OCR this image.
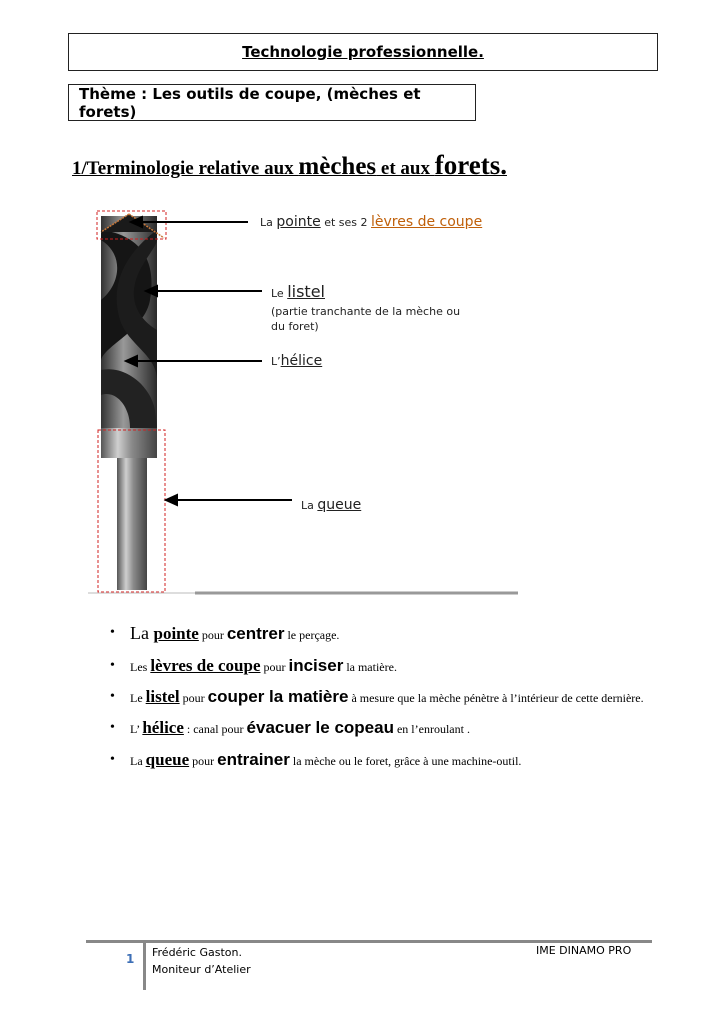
Technologie professionnelle.
Thème : Les outils de coupe, (mèches et forets)
1/Terminologie relative aux mèches et aux forets.
La pointe et ses 2 lèvres de coupe
Le listel
(partie tranchante de la mèche ou du foret)
L’hélice
La queue
• La pointe pour centrer le perçage.
• Les lèvres de coupe pour inciser la matière.
• Le listel pour couper la matière à mesure que la mèche pénètre à l’intérieur de cette dernière.
• L’ hélice : canal pour évacuer le copeau en l’enroulant .
• La queue pour entrainer la mèche ou le foret, grâce à une machine-outil.
1 Frédéric Gaston.
Moniteur d’Atelier
IME DINAMO PRO
